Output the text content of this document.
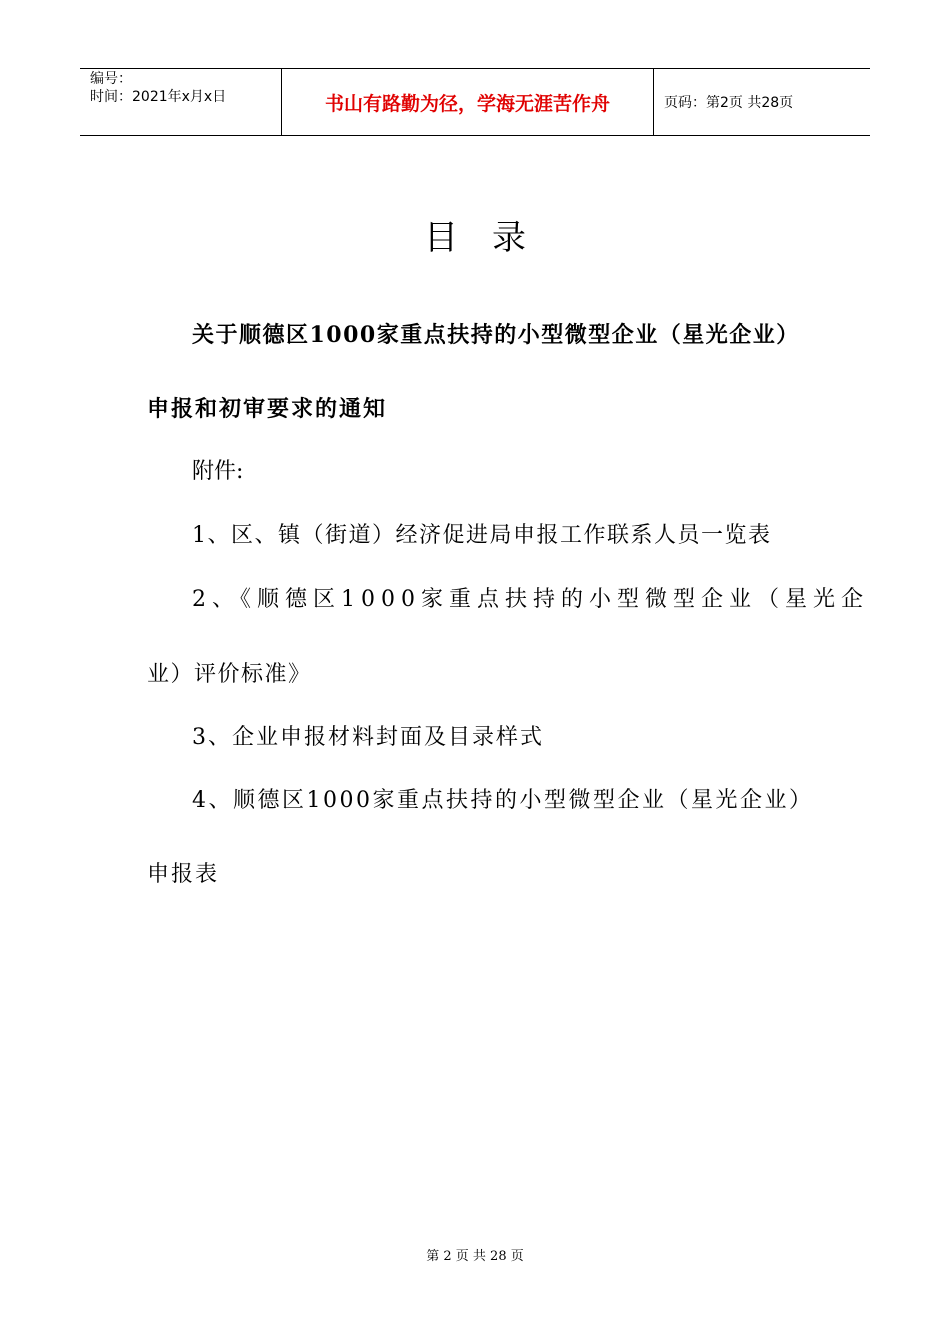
编号：
时间：2021年x月x日	书山有路勤为径，学海无涯苦作舟	页码：第2页 共28页
目录
关于顺德区1000家重点扶持的小型微型企业（星光企业）
申报和初审要求的通知
附件:
1、区、镇（街道）经济促进局申报工作联系人员一览表
2、《顺德区1000家重点扶持的小型微型企业（星光企
业）评价标准》
3、企业申报材料封面及目录样式
4、顺德区1000家重点扶持的小型微型企业（星光企业）
申报表
第 2 页 共 28 页
